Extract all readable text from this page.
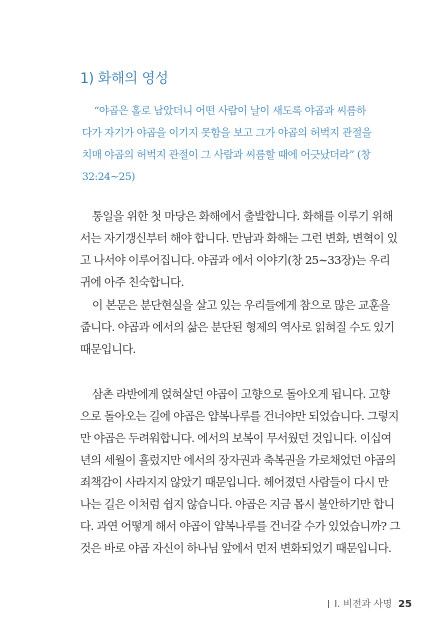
1) 화해의 영성
“야곱은 홀로 남았더니 어떤 사람이 날이 새도록 야곱과 씨름하
다가 자기가 야곱을 이기지 못함을 보고 그가 야곱의 허벅지 관절을
치매 야곱의 허벅지 관절이 그 사람과 씨름할 때에 어긋났더라” (창
32:24∼25)
통일을 위한 첫 마당은 화해에서 출발합니다. 화해를 이루기 위해
서는 자기갱신부터 해야 합니다. 만남과 화해는 그런 변화, 변혁이 있
고 나서야 이루어집니다. 야곱과 에서 이야기(창 25∼33장)는 우리
귀에 아주 친숙합니다.
이 본문은 분단현실을 살고 있는 우리들에게 참으로 많은 교훈을
줍니다. 야곱과 에서의 삶은 분단된 형제의 역사로 읽혀질 수도 있기
때문입니다.
삼촌 라반에게 얹혀살던 야곱이 고향으로 돌아오게 됩니다. 고향
으로 돌아오는 길에 야곱은 얍복나루를 건너야만 되었습니다. 그렇지
만 야곱은 두려워합니다. 에서의 보복이 무서웠던 것입니다. 이십여
년의 세월이 흘렀지만 에서의 장자권과 축복권을 가로채었던 야곱의
죄책감이 사라지지 않았기 때문입니다. 헤어졌던 사람들이 다시 만
나는 길은 이처럼 쉽지 않습니다. 야곱은 지금 몹시 불안하기만 합니
다. 과연 어떻게 해서 야곱이 얍복나루를 건너갈 수가 있었습니까? 그
것은 바로 야곱 자신이 하나님 앞에서 먼저 변화되었기 때문입니다.
Ⅰ. 비전과 사명 25
